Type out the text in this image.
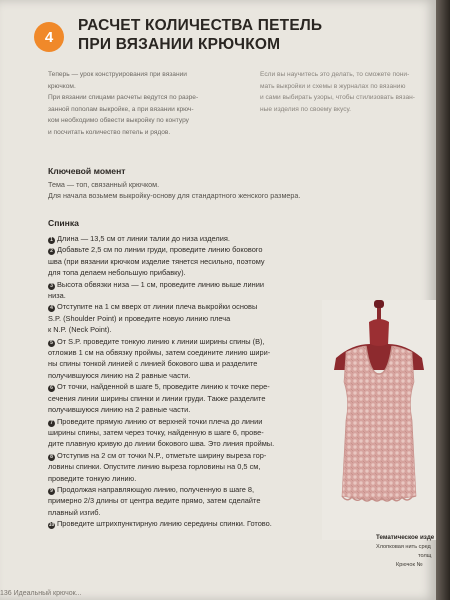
4
РАСЧЕТ КОЛИЧЕСТВА ПЕТЕЛЬ
ПРИ ВЯЗАНИИ КРЮЧКОМ

Теперь — урок конструирования при вязании

крючком.

При вязании спицами расчеты ведутся по разре-

занной пополам выкройке, а при вязании крюч-

ком необходимо обвести выкройку по контуру

и посчитать количество петель и рядов.

Если вы научитесь это делать, то сможете пони-

мать выкройки и схемы в журналах по вязанию

и сами выбирать узоры, чтобы стилизовать вязан-

ные изделия по своему вкусу.

Ключевой момент
Тема — топ, связанный крючком.
Для начала возьмем выкройку-основу для стандартного женского размера.
Спинка
1 Длина — 13,5 см от линии талии до низа изделия.
2 Добавьте 2,5 см по линии груди, проведите линию бокового
шва (при вязании крючком изделие тянется несильно, поэтому
для топа делаем небольшую прибавку).
3 Высота обвязки низа — 1 см, проведите линию выше линии
низа.
4 Отступите на 1 см вверх от линии плеча выкройки основы
S.P. (Shoulder Point) и проведите новую линию плеча
к N.P. (Neck Point).
5 От S.P. проведите тонкую линию к линии ширины спины (B),
отложив 1 см на обвязку проймы, затем соедините линию шири-
ны спины тонкой линией с линией бокового шва и разделите
получившуюся линию на 2 равные части.
6 От точки, найденной в шаге 5, проведите линию к точке пере-
сечения линии ширины спинки и линии груди. Также разделите
получившуюся линию на 2 равные части.
7 Проведите прямую линию от верхней точки плеча до линии
ширины спины, затем через точку, найденную в шаге 6, прове-
дите плавную кривую до линии бокового шва. Это линия проймы.
8 Отступив на 2 см от точки N.P., отметьте ширину выреза гор-
ловины спинки. Опустите линию выреза горловины на 0,5 см,
проведите тонкую линию.
9 Продолжая направляющую линию, полученную в шаге 8,
примерно 2/3 длины от центра ведите прямо, затем сделайте
плавный изгиб.
10 Проведите штрихпунктирную линию середины спинки. Готово.
Тематическое изде
Хлопковая нить сред
толщ
Крючок №
136 Идеальный крючок...
